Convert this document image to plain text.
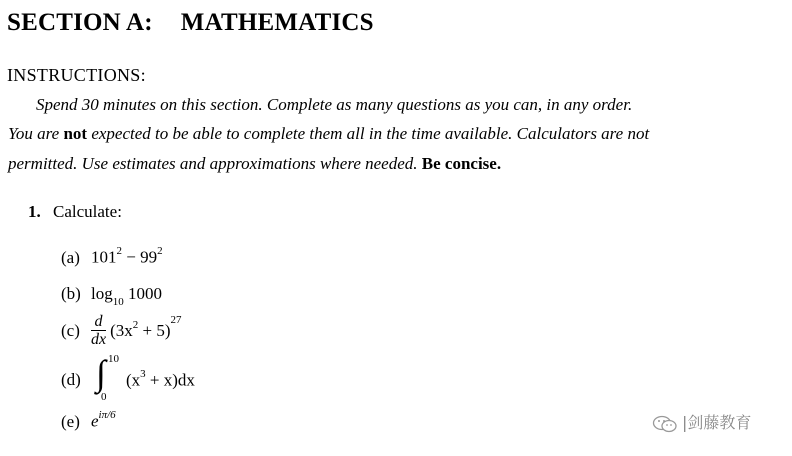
SECTION A: MATHEMATICS
INSTRUCTIONS:
Spend 30 minutes on this section. Complete as many questions as you can, in any order.
You are not expected to be able to complete them all in the time available. Calculators are not
permitted. Use estimates and approximations where needed. Be concise.
1. Calculate:
(a) $101^2 - 99^2$
(b) $\log_{10} 1000$
$(c) \frac{d}{dx} (3x^2 + 5)^{27}$
(d) ∫ 10
0
$(x^3 + x)dx$
(e) $e^{i\pi/6}$	|剑藤教育
